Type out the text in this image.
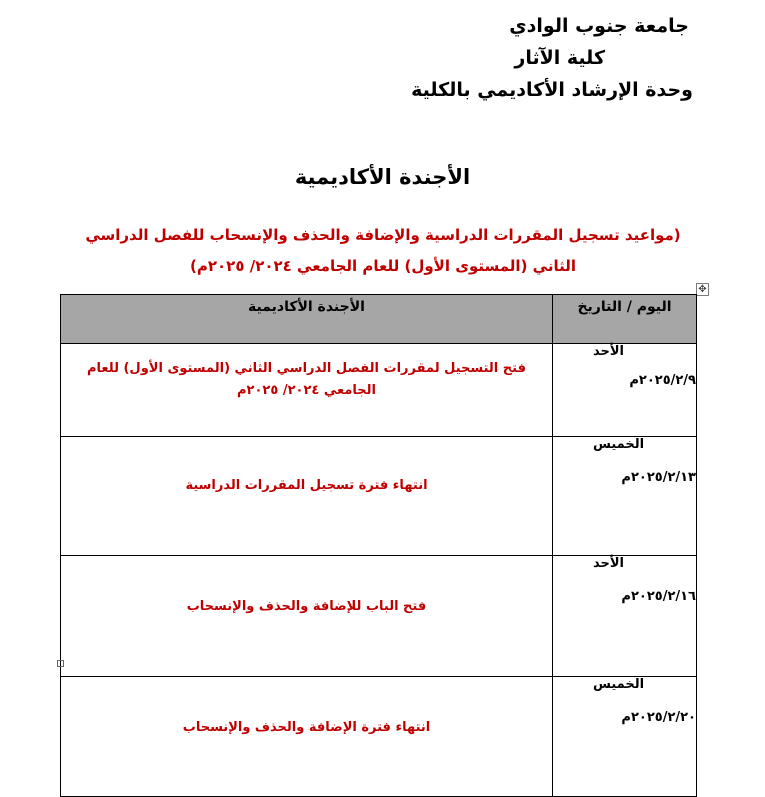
جامعة جنوب الوادي
كلية الآثار
وحدة الإرشاد الأكاديمي بالكلية
الأجندة الأكاديمية
(مواعيد تسجيل المقررات الدراسية والإضافة والحذف والإنسحاب للفصل الدراسي
الثاني (المستوى الأول) للعام الجامعي ٢٠٢٤/ ٢٠٢٥م)
✥
اليوم / التاريخ	الأجندة الأكاديمية

الأحد
٢٠٢٥/٢/٩م	فتح التسجيل لمقررات الفصل الدراسي الثاني (المستوى الأول) للعام الجامعي ٢٠٢٤/ ٢٠٢٥م

الخميس
٢٠٢٥/٢/١٣م	انتهاء فترة تسجيل المقررات الدراسية

الأحد
٢٠٢٥/٢/١٦م	فتح الباب للإضافة والحذف والإنسحاب

الخميس
٢٠٢٥/٢/٢٠م	انتهاء فترة الإضافة والحذف والإنسحاب
